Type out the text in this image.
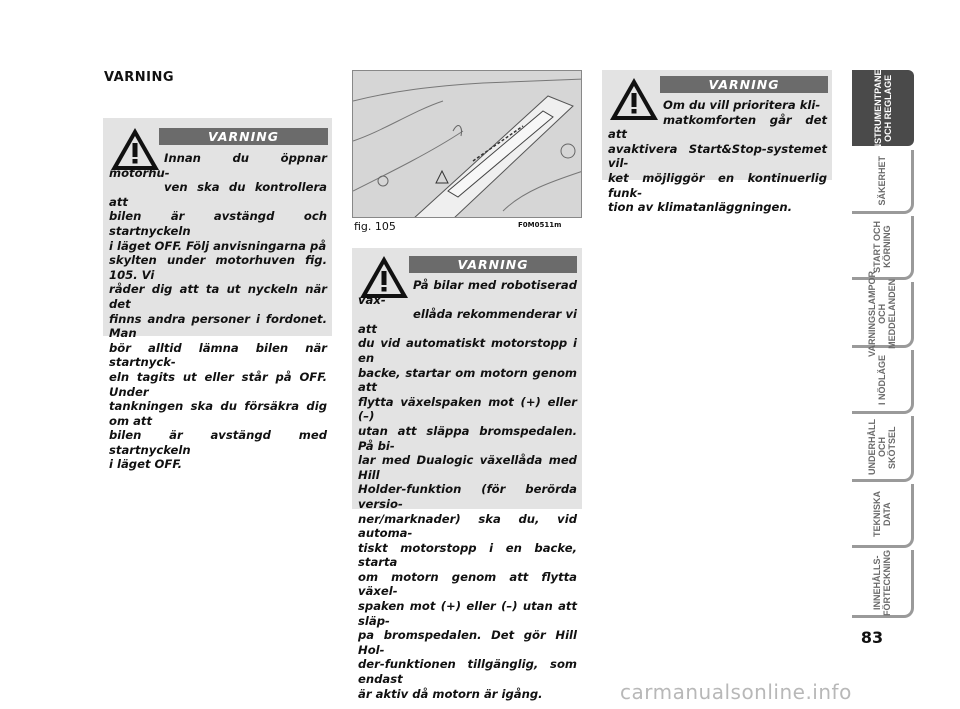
VARNING
VARNING
Innan du öppnar motorhu-
ven ska du kontrollera att
bilen är avstängd och startnyckeln
i läget OFF. Följ anvisningarna på
skylten under motorhuven fig. 105. Vi
råder dig att ta ut nyckeln när det
finns andra personer i fordonet. Man
bör alltid lämna bilen när startnyck-
eln tagits ut eller står på OFF. Under
tankningen ska du försäkra dig om att
bilen är avstängd med startnyckeln
i läget OFF.
fig. 105	F0M0511m
VARNING
På bilar med robotiserad väx-
ellåda rekommenderar vi att
du vid automatiskt motorstopp i en
backe, startar om motorn genom att
flytta växelspaken mot (+) eller (–)
utan att släppa bromspedalen. På bi-
lar med Dualogic växellåda med Hill
Holder-funktion (för berörda versio-
ner/marknader) ska du, vid automa-
tiskt motorstopp i en backe, starta
om motorn genom att flytta växel-
spaken mot (+) eller (–) utan att släp-
pa bromspedalen. Det gör Hill Hol-
der-funktionen tillgänglig, som endast
är aktiv då motorn är igång.
VARNING
Om du vill prioritera kli-
matkomforten går det att
avaktivera Start&Stop-systemet vil-
ket möjliggör en kontinuerlig funk-
tion av klimatanläggningen.
INSTRUMENTPANEL
OCH REGLAGE
SÄKERHET
START OCH
KÖRNING
VARNINGSLAMPOR
OCH MEDDELANDEN
I NÖDLÄGE
UNDERHÅLL
OCH SKÖTSEL
TEKNISKA
DATA
INNEHÅLLS-
FÖRTECKNING
83
carmanualsonline.info
